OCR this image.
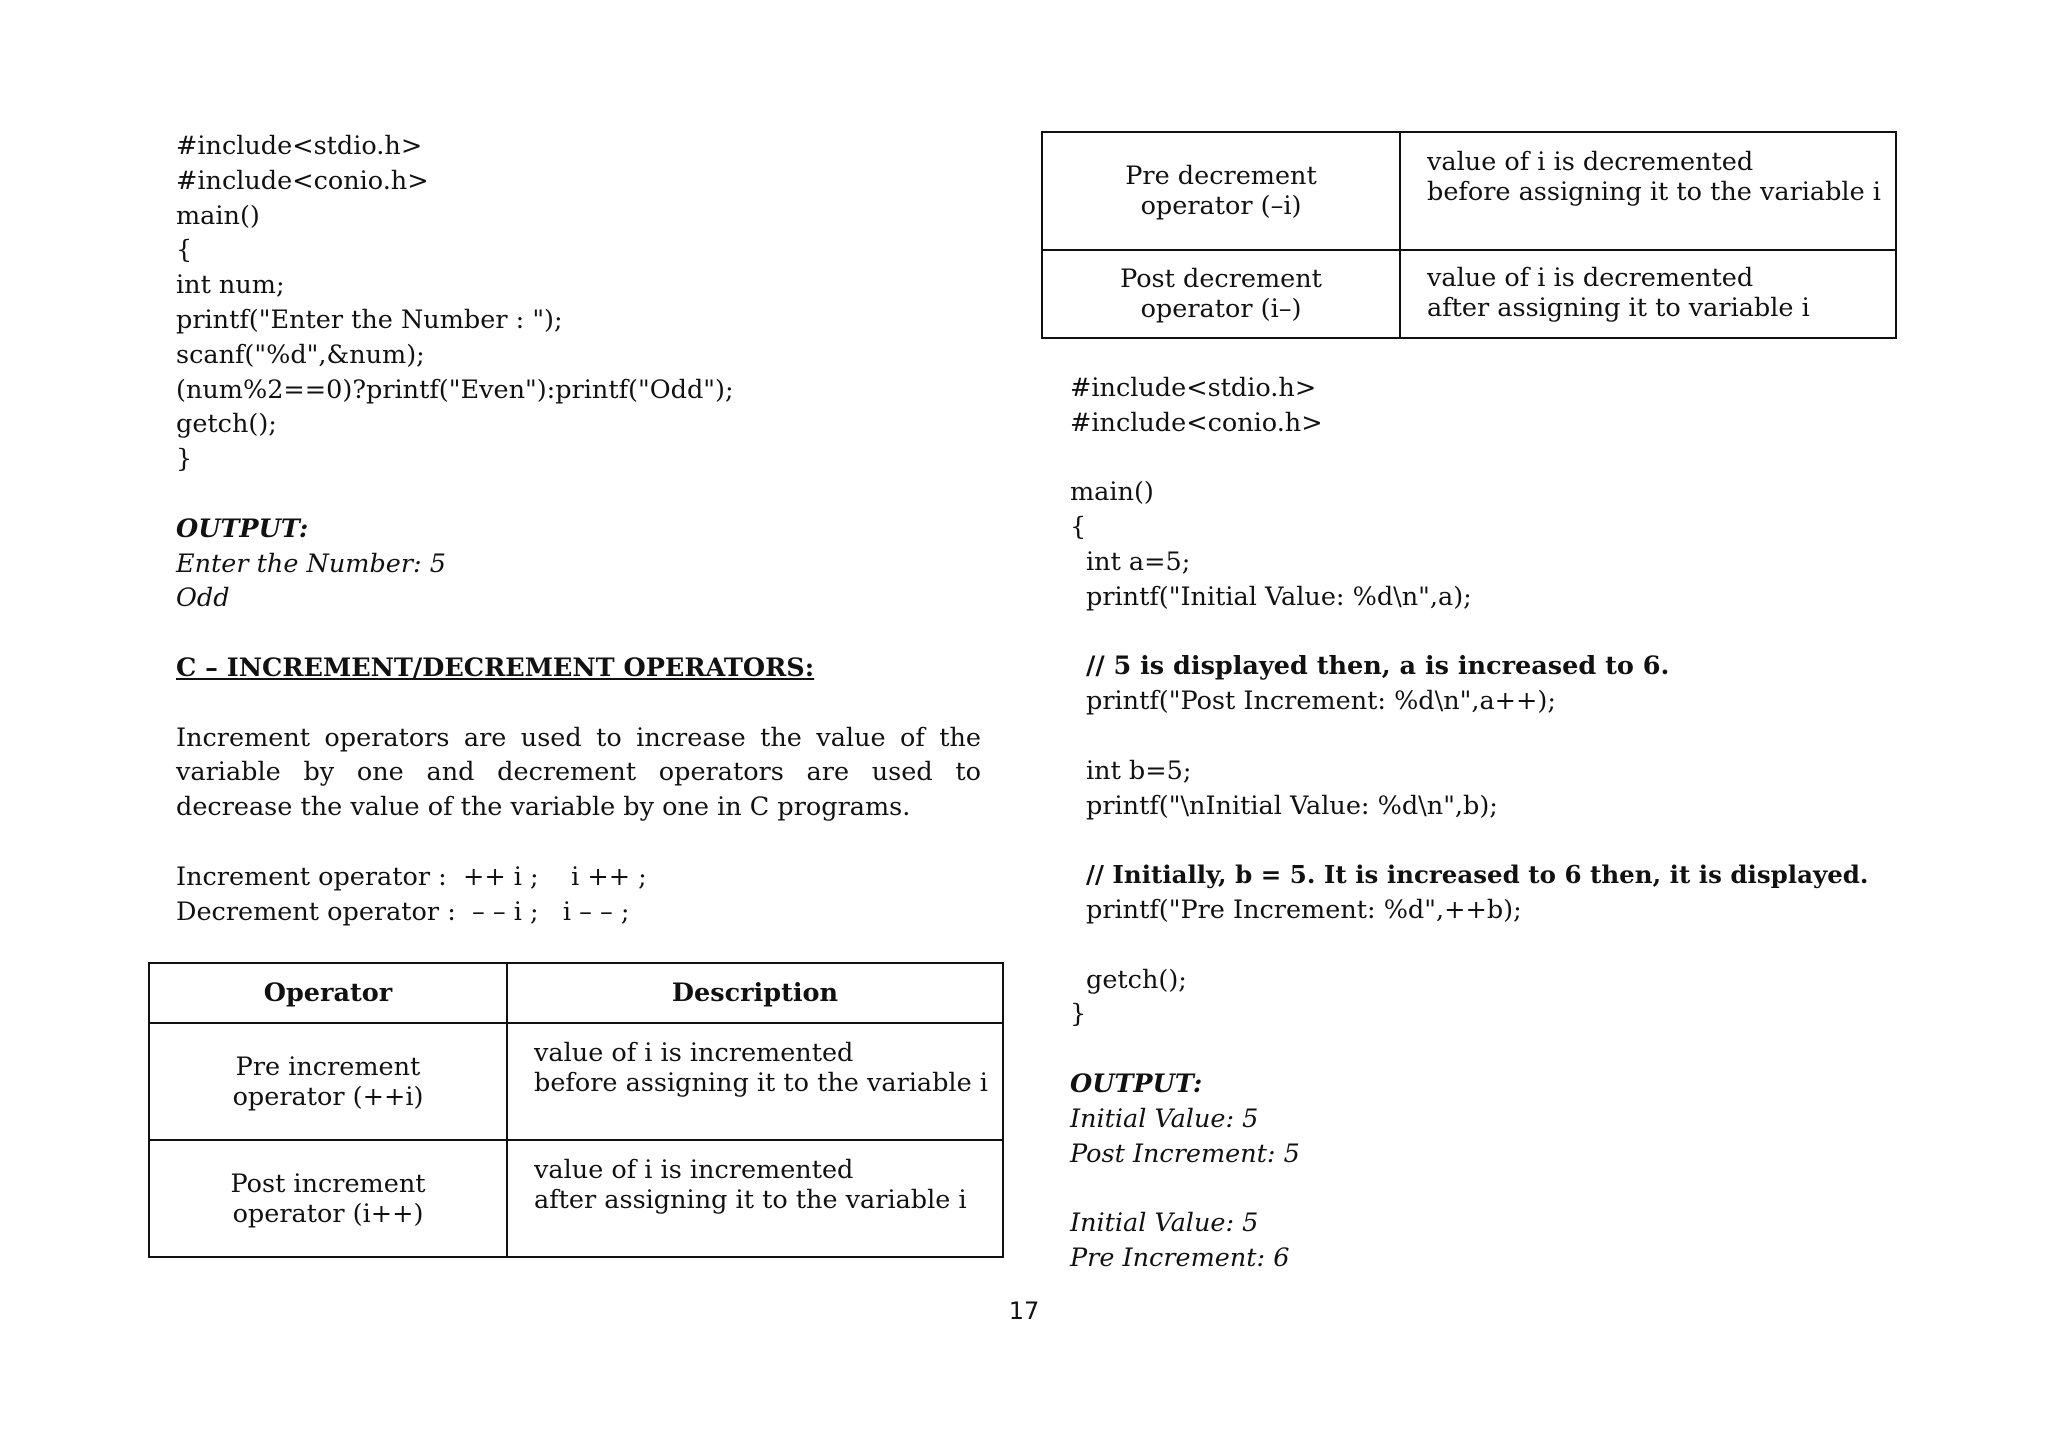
#include<stdio.h>
#include<conio.h>
main()
{
int num;
printf("Enter the Number : ");
scanf("%d",&num);
(num%2==0)?printf("Even"):printf("Odd");
getch();
}
OUTPUT:
Enter the Number: 5
Odd
C – INCREMENT/DECREMENT OPERATORS:
Increment operators are used to increase the value of the variable by one and decrement operators are used to decrease the value of the variable by one in C programs.
Increment operator :  ++ i ;    i ++ ;
Decrement operator :  – – i ;   i – – ;
Operator	Description

Pre increment
operator (++i)	value of i is incremented
before assigning it to the variable i

Post increment
operator (i++)	value of i is incremented
after assigning it to the variable i
Pre decrement
operator (–i)	value of i is decremented
before assigning it to the variable i

Post decrement
operator (i–)	value of i is decremented
after assigning it to variable i
#include<stdio.h>
#include<conio.h>
main()
{
int a=5;
printf("Initial Value: %d\n",a);
// 5 is displayed then, a is increased to 6.
printf("Post Increment: %d\n",a++);
int b=5;
printf("\nInitial Value: %d\n",b);
// Initially, b = 5. It is increased to 6 then, it is displayed.
printf("Pre Increment: %d",++b);
getch();
}
OUTPUT:
Initial Value: 5
Post Increment: 5
Initial Value: 5
Pre Increment: 6
17
